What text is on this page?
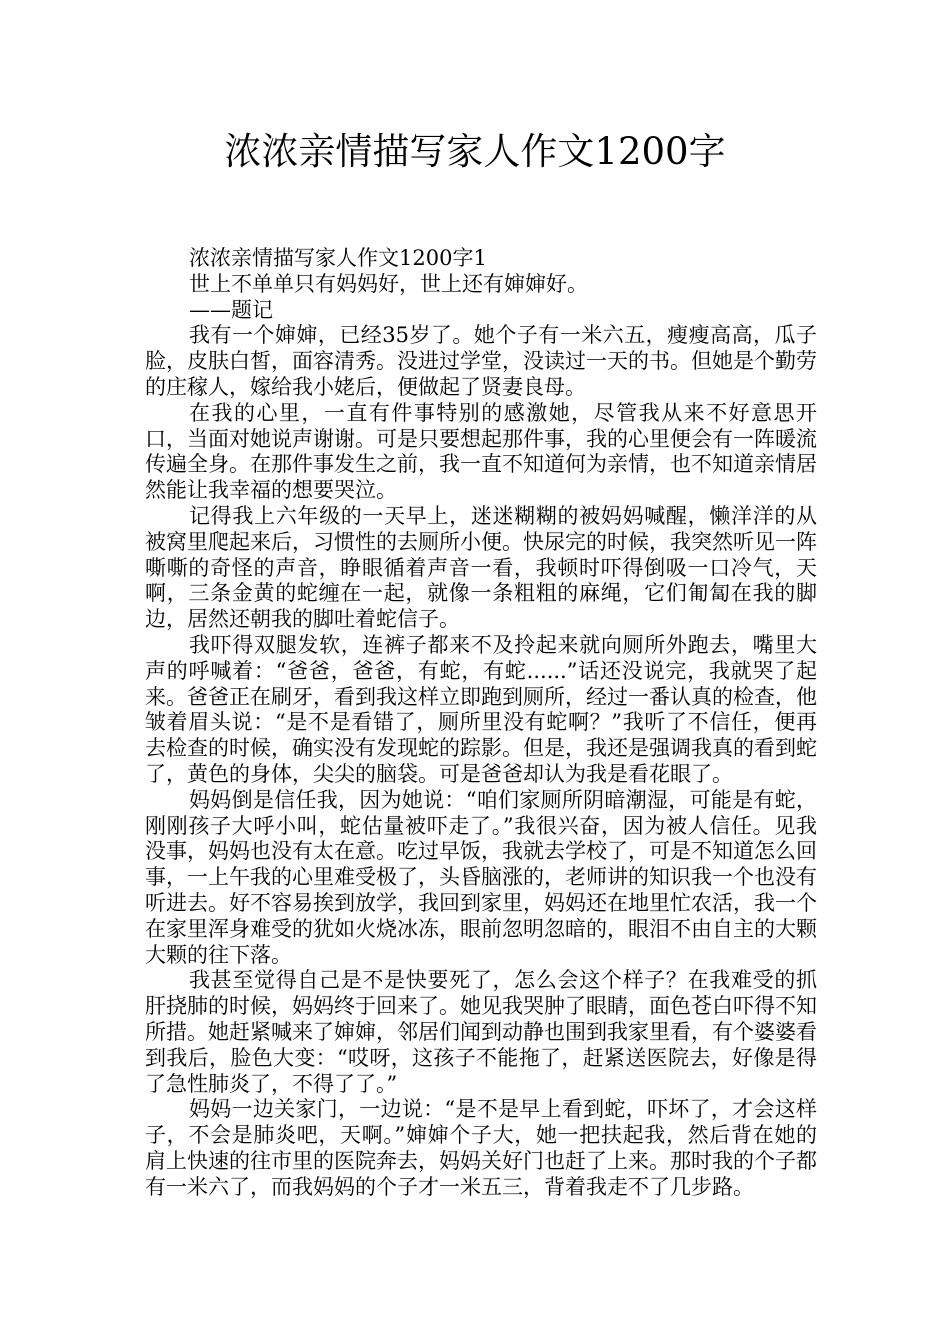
浓浓亲情描写家人作文1200字

浓浓亲情描写家人作文1200字1

世上不单单只有妈妈好，世上还有婶婶好。

——题记

我有一个婶婶，已经35岁了。她个子有一米六五，瘦瘦高高，瓜子脸，皮肤白皙，面容清秀。没进过学堂，没读过一天的书。但她是个勤劳的庄稼人，嫁给我小姥后，便做起了贤妻良母。

在我的心里，一直有件事特别的感激她，尽管我从来不好意思开口，当面对她说声谢谢。可是只要想起那件事，我的心里便会有一阵暖流传遍全身。在那件事发生之前，我一直不知道何为亲情，也不知道亲情居然能让我幸福的想要哭泣。

记得我上六年级的一天早上，迷迷糊糊的被妈妈喊醒，懒洋洋的从被窝里爬起来后，习惯性的去厕所小便。快尿完的时候，我突然听见一阵嘶嘶的奇怪的声音，睁眼循着声音一看，我顿时吓得倒吸一口冷气，天啊，三条金黄的蛇缠在一起，就像一条粗粗的麻绳，它们匍匐在我的脚边，居然还朝我的脚吐着蛇信子。

我吓得双腿发软，连裤子都来不及拎起来就向厕所外跑去，嘴里大声的呼喊着：“爸爸，爸爸，有蛇，有蛇......”话还没说完，我就哭了起来。爸爸正在刷牙，看到我这样立即跑到厕所，经过一番认真的检查，他皱着眉头说：“是不是看错了，厕所里没有蛇啊？”我听了不信任，便再去检查的时候，确实没有发现蛇的踪影。但是，我还是强调我真的看到蛇了，黄色的身体，尖尖的脑袋。可是爸爸却认为我是看花眼了。

妈妈倒是信任我，因为她说：“咱们家厕所阴暗潮湿，可能是有蛇，刚刚孩子大呼小叫，蛇估量被吓走了。”我很兴奋，因为被人信任。见我没事，妈妈也没有太在意。吃过早饭，我就去学校了，可是不知道怎么回事，一上午我的心里难受极了，头昏脑涨的，老师讲的知识我一个也没有听进去。好不容易挨到放学，我回到家里，妈妈还在地里忙农活，我一个在家里浑身难受的犹如火烧冰冻，眼前忽明忽暗的，眼泪不由自主的大颗大颗的往下落。

我甚至觉得自己是不是快要死了，怎么会这个样子？在我难受的抓肝挠肺的时候，妈妈终于回来了。她见我哭肿了眼睛，面色苍白吓得不知所措。她赶紧喊来了婶婶，邻居们闻到动静也围到我家里看，有个婆婆看到我后，脸色大变：“哎呀，这孩子不能拖了，赶紧送医院去，好像是得了急性肺炎了，不得了了。”

妈妈一边关家门，一边说：“是不是早上看到蛇，吓坏了，才会这样子，不会是肺炎吧，天啊。”婶婶个子大，她一把扶起我，然后背在她的肩上快速的往市里的医院奔去，妈妈关好门也赶了上来。那时我的个子都有一米六了，而我妈妈的个子才一米五三，背着我走不了几步路。
